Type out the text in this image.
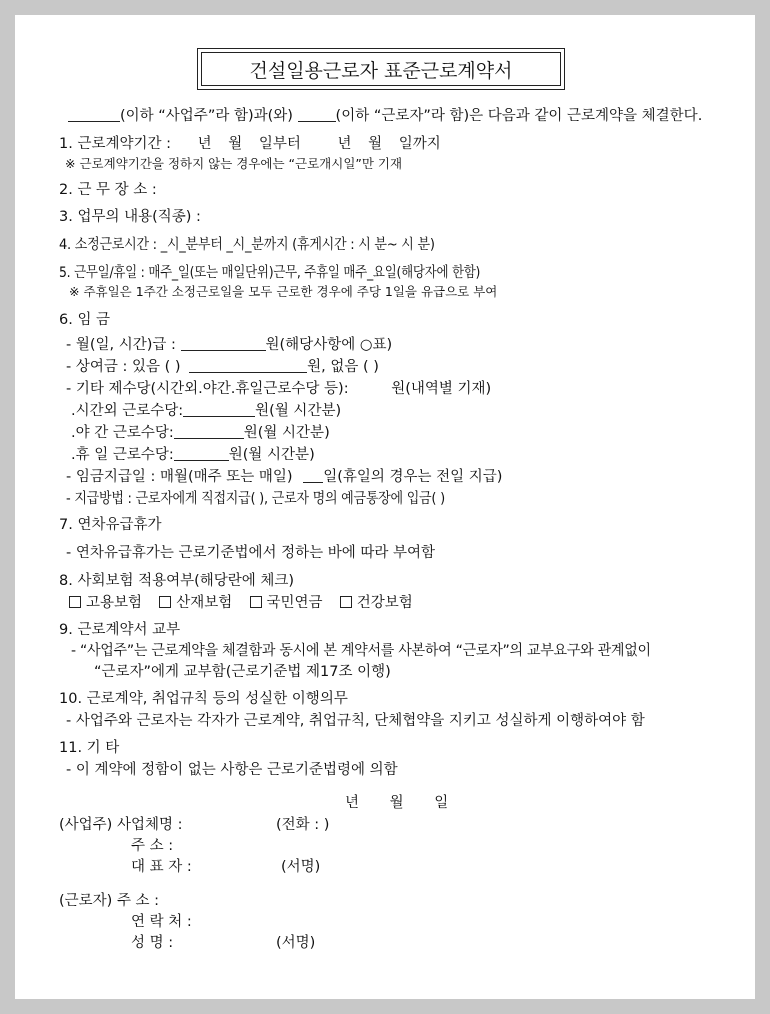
건설일용근로자 표준근로계약서
(이하 “사업주”라 함)과(와)	(이하 “근로자”라 함)은 다음과 같이 근로계약을 체결한다.
1. 근로계약기간 : 년 월 일부터	년 월 일까지
※ 근로계약기간을 정하지 않는 경우에는 “근로개시일”만 기재
2. 근 무 장 소 :
3. 업무의 내용(직종) :
4. 소정근로시간 : _시_분부터 _시_분까지 (휴게시간 : 시 분~ 시 분)
5. 근무일/휴일 : 매주_일(또는 매일단위)근무, 주휴일 매주_요일(해당자에 한함)
※ 주휴일은 1주간 소정근로일을 모두 근로한 경우에 주당 1일을 유급으로 부여
6. 임 금
- 월(일, 시간)급 :	원(해당사항에 ○표)
- 상여금 : 있음 ( )	원, 없음 ( )
- 기타 제수당(시간외.야간.휴일근로수당 등):	원(내역별 기재)
.시간외 근로수당:	원(월 시간분)
.야 간 근로수당:	원(월 시간분)
.휴 일 근로수당:	원(월 시간분)
- 임금지급일 : 매월(매주 또는 매일) 일(휴일의 경우는 전일 지급)
- 지급방법 : 근로자에게 직접지급( ), 근로자 명의 예금통장에 입금( )
7. 연차유급휴가
- 연차유급휴가는 근로기준법에서 정하는 바에 따라 부여함
8. 사회보험 적용여부(해당란에 체크)
고용보험 산재보험 국민연금 건강보험
9. 근로계약서 교부
- “사업주”는 근로계약을 체결함과 동시에 본 계약서를 사본하여 “근로자”의 교부요구와 관계없이
“근로자”에게 교부함(근로기준법 제17조 이행)
10. 근로계약, 취업규칙 등의 성실한 이행의무
- 사업주와 근로자는 각자가 근로계약, 취업규칙, 단체협약을 지키고 성실하게 이행하여야 함
11. 기 타
- 이 계약에 정함이 없는 사항은 근로기준법령에 의함
년 월 일
(사업주) 사업체명 :	(전화 : )
주 소 :
대 표 자 :	(서명)
(근로자) 주 소 :
연 락 처 :
성 명 :	(서명)
